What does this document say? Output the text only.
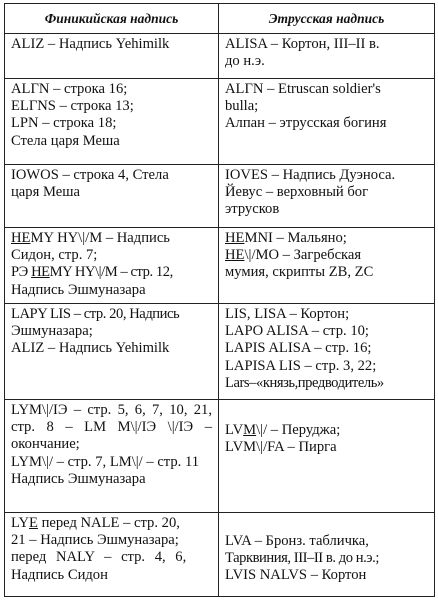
Финикийская надпись	Этрусская надпись

ALIZ – Надпись Yehimilk	ALISA – Кортон, III–II в.
до н.э.

ALΓN – строка 16;
ELΓNS – строка 13;
LPN – строка 18;
Стела царя Меша	ALΓN – Etruscan soldier's
bulla;
Алпан – этрусская богиня

IOWOS – строка 4, Стела
царя Меша	IOVES – Надпись Дуэноса.
Йевус – верховный бог
этрусков

HEMY HY\|/M – Надпись
Сидон, стр. 7;
РЭ HEMY HY\|/M – стр. 12,
Надпись Эшмуназара	HEMNI – Мальяно;
HE\|/MO – Загребская
мумия, скрипты ZB, ZC

LAPY LIS – стр. 20, Надпись
Эшмуназара;
ALIZ – Надпись Yehimilk	LIS, LISA – Кортон;
LAPO ALISA – стр. 10;
LAPIS ALISA – стр. 16;
LAPISA LIS – стр. 3, 22;
Lars–«князь,предводитель»

LYM\|/IЭ – стр. 5, 6, 7, 10, 21, стр. 8 – LM M\|/IЭ \|/IЭ – окончание;
LYM\|/ – стр. 7, LM\|/ – стр. 11
Надпись Эшмуназара	LVM\|/ – Перуджа;
LVM\|/FA – Пирга

LYE перед NALE – стр. 20,
21 – Надпись Эшмуназара;
перед NALY – стр. 4, 6,
Надпись Сидон	LVA – Бронз. табличка,
Тарквиния, III–II в. до н.э.;
LVIS NALVS – Кортон
